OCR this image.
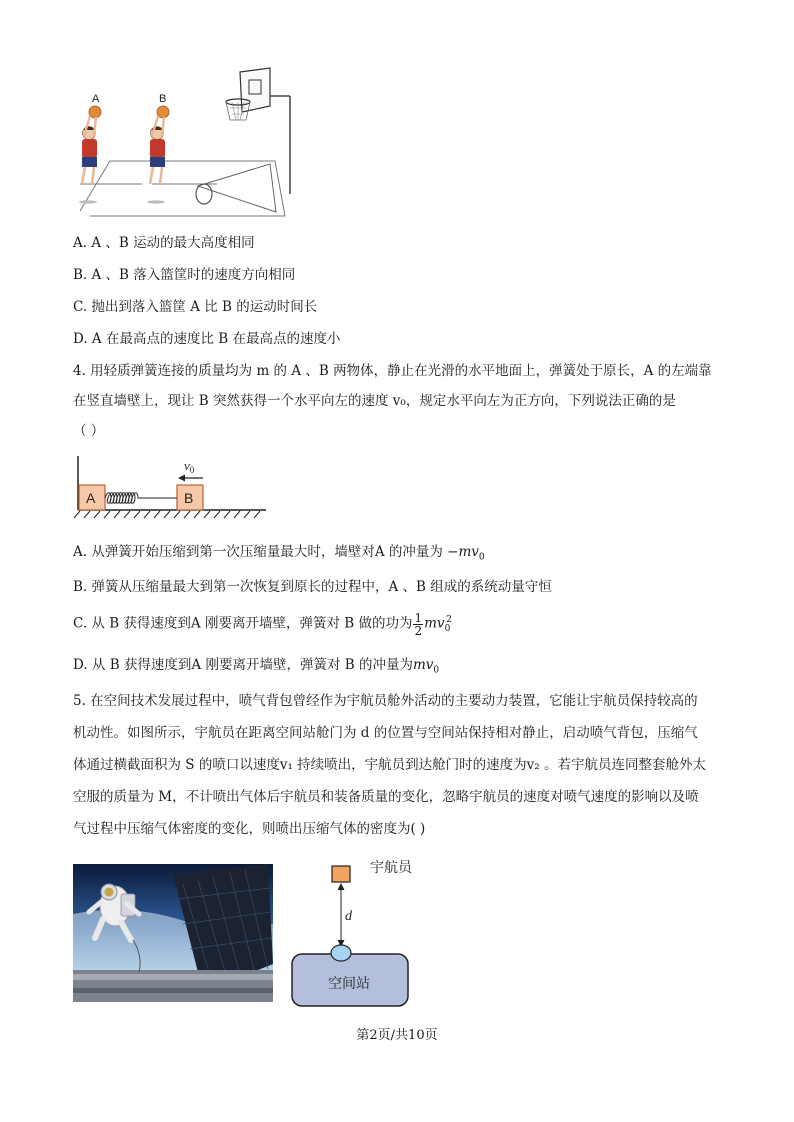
A	B
A. A 、B 运动的最大高度相同
B. A 、B 落入篮筐时的速度方向相同
C. 抛出到落入篮筐 A 比 B 的运动时间长
D. A 在最高点的速度比 B 在最高点的速度小
4. 用轻质弹簧连接的质量均为 m 的 A 、B 两物体，静止在光滑的水平地面上，弹簧处于原长，A 的左端靠
在竖直墙壁上，现让 B 突然获得一个水平向左的速度 v₀，规定水平向左为正方向，下列说法正确的是
（ ）
A	B
$v_0$
A. 从弹簧开始压缩到第一次压缩量最大时，墙壁对A 的冲量为 $-mv_0$
B. 弹簧从压缩量最大到第一次恢复到原长的过程中，A 、B 组成的系统动量守恒
C. 从 B 获得速度到A 刚要离开墙壁，弹簧对 B 做的功为 $\frac{1}{2} mv_0^2$
D. 从 B 获得速度到A 刚要离开墙壁，弹簧对 B 的冲量为$mv_0$
5. 在空间技术发展过程中，喷气背包曾经作为宇航员舱外活动的主要动力装置，它能让宇航员保持较高的
机动性。如图所示，宇航员在距离空间站舱门为 d 的位置与空间站保持相对静止，启动喷气背包，压缩气
体通过横截面积为 S 的喷口以速度v₁ 持续喷出，宇航员到达舱门时的速度为v₂ 。若宇航员连同整套舱外太
空服的质量为 M，不计喷出气体后宇航员和装备质量的变化，忽略宇航员的速度对喷气速度的影响以及喷
气过程中压缩气体密度的变化，则喷出压缩气体的密度为( )
宇航员
d
空间站
第2页/共10页
